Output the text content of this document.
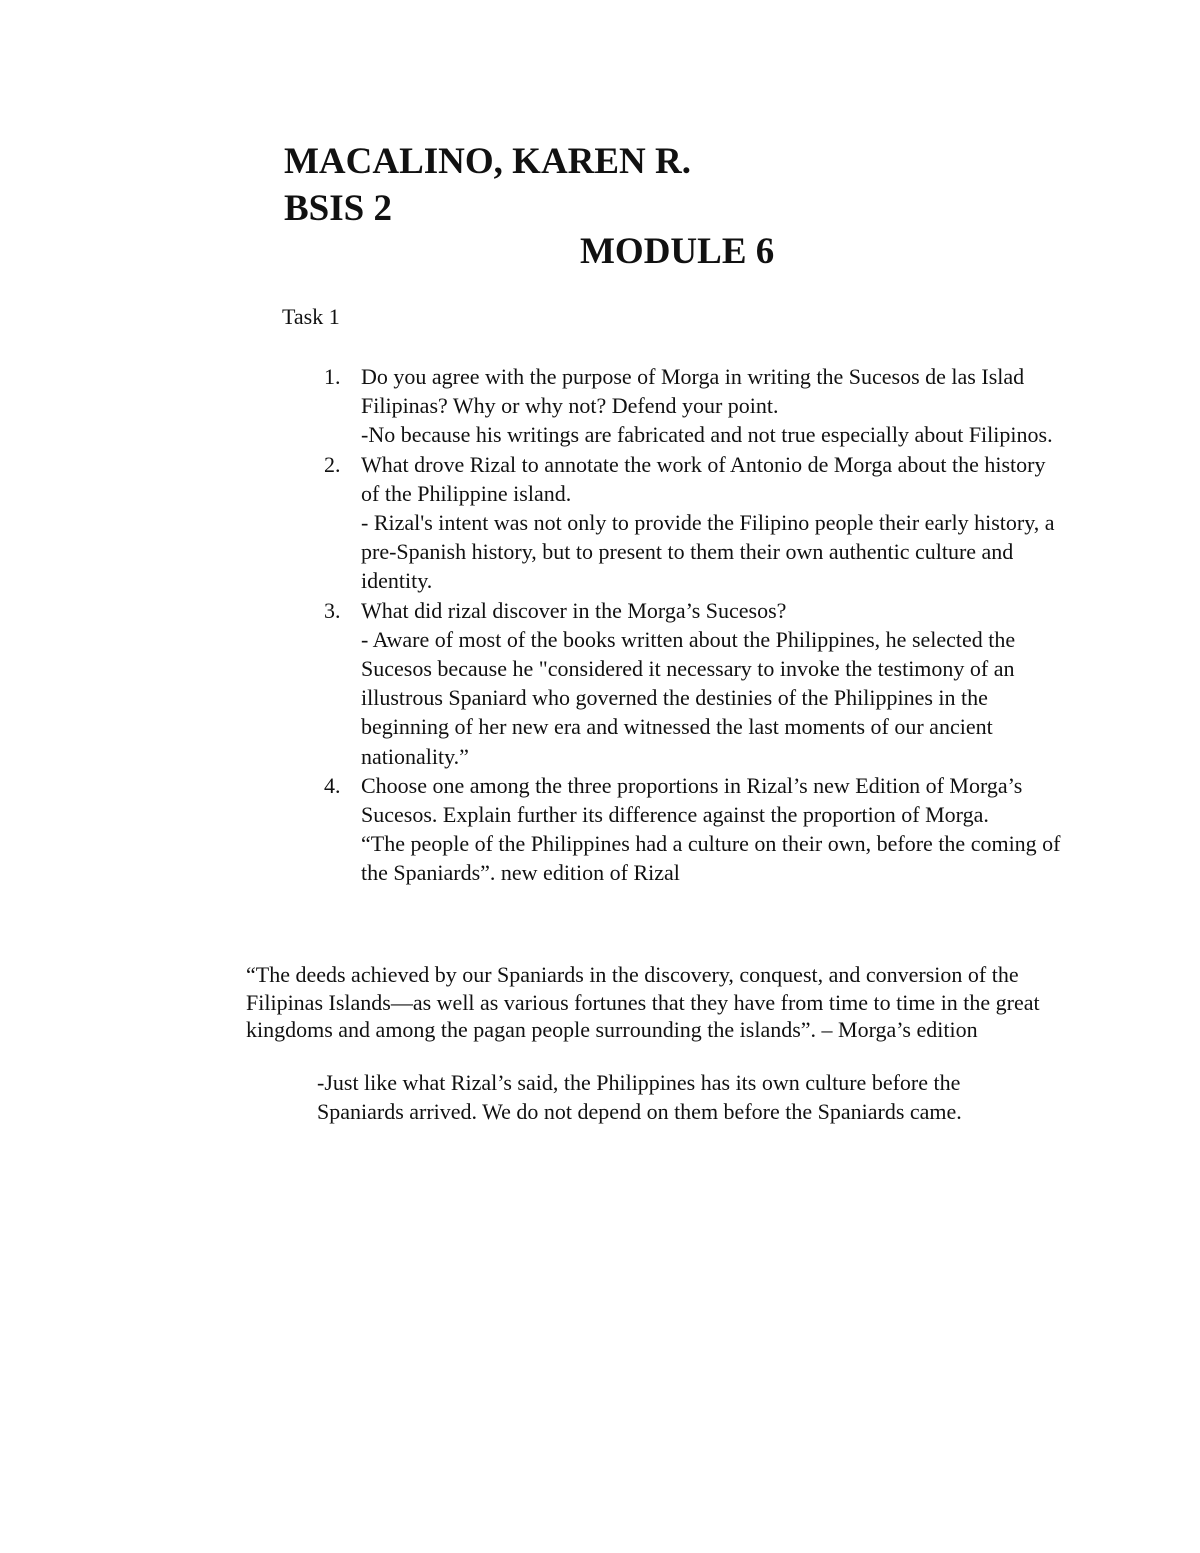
MACALINO, KAREN R.
BSIS 2
MODULE 6

Task 1

1. Do you agree with the purpose of Morga in writing the Sucesos de las Islad Filipinas? Why or why not? Defend your point.
-No because his writings are fabricated and not true especially about Filipinos.
2. What drove Rizal to annotate the work of Antonio de Morga about the history of the Philippine island.
- Rizal's intent was not only to provide the Filipino people their early history, a pre-Spanish history, but to present to them their own authentic culture and identity.
3. What did rizal discover in the Morga’s Sucesos?
- Aware of most of the books written about the Philippines, he selected the Sucesos because he "considered it necessary to invoke the testimony of an illustrous Spaniard who governed the destinies of the Philippines in the beginning of her new era and witnessed the last moments of our ancient nationality.”
4. Choose one among the three proportions in Rizal’s new Edition of Morga’s Sucesos. Explain further its difference against the proportion of Morga.
“The people of the Philippines had a culture on their own, before the coming of the Spaniards”. new edition of Rizal

“The deeds achieved by our Spaniards in the discovery, conquest, and conversion of the Filipinas Islands—as well as various fortunes that they have from time to time in the great kingdoms and among the pagan people surrounding the islands”. – Morga’s edition

-Just like what Rizal’s said, the Philippines has its own culture before the Spaniards arrived. We do not depend on them before the Spaniards came.
